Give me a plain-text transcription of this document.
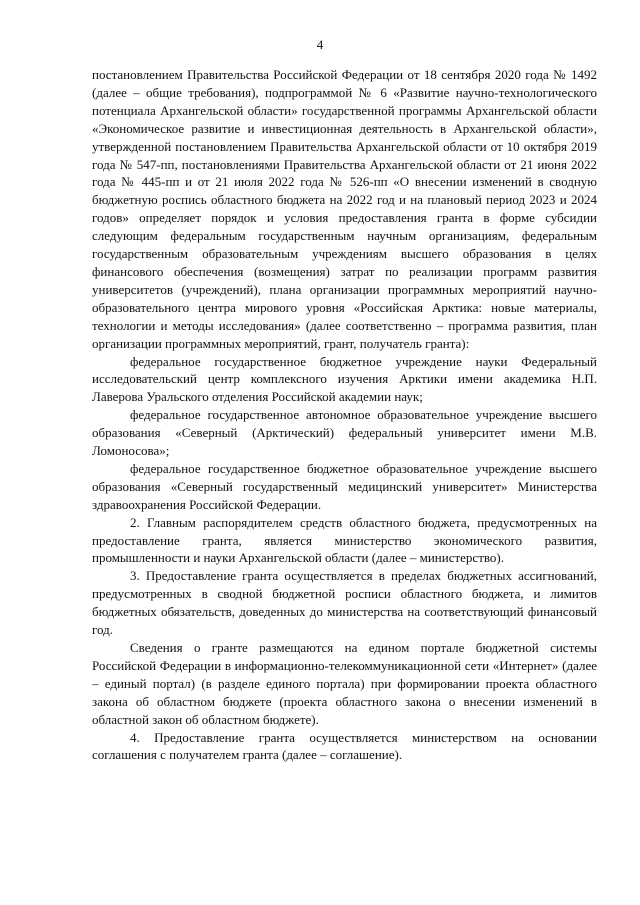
4

постановлением Правительства Российской Федерации от 18 сентября 2020 года № 1492 (далее – общие требования), подпрограммой № 6 «Развитие научно-технологического потенциала Архангельской области» государственной программы Архангельской области «Экономическое развитие и инвестиционная деятельность в Архангельской области», утвержденной постановлением Правительства Архангельской области от 10 октября 2019 года № 547-пп, постановлениями Правительства Архангельской области от 21 июня 2022 года № 445-пп и от 21 июля 2022 года № 526-пп «О внесении изменений в сводную бюджетную роспись областного бюджета на 2022 год и на плановый период 2023 и 2024 годов» определяет порядок и условия предоставления гранта в форме субсидии следующим федеральным государственным научным организациям, федеральным государственным образовательным учреждениям высшего образования в целях финансового обеспечения (возмещения) затрат по реализации программ развития университетов (учреждений), плана организации программных мероприятий научно-образовательного центра мирового уровня «Российская Арктика: новые материалы, технологии и методы исследования» (далее соответственно – программа развития, план организации программных мероприятий, грант, получатель гранта):

федеральное государственное бюджетное учреждение науки Федеральный исследовательский центр комплексного изучения Арктики имени академика Н.П. Лаверова Уральского отделения Российской академии наук;

федеральное государственное автономное образовательное учреждение высшего образования «Северный (Арктический) федеральный университет имени М.В. Ломоносова»;

федеральное государственное бюджетное образовательное учреждение высшего образования «Северный государственный медицинский университет» Министерства здравоохранения Российской Федерации.

2. Главным распорядителем средств областного бюджета, предусмотренных на предоставление гранта, является министерство экономического развития, промышленности и науки Архангельской области (далее – министерство).

3. Предоставление гранта осуществляется в пределах бюджетных ассигнований, предусмотренных в сводной бюджетной росписи областного бюджета, и лимитов бюджетных обязательств, доведенных до министерства на соответствующий финансовый год.

Сведения о гранте размещаются на едином портале бюджетной системы Российской Федерации в информационно-телекоммуникационной сети «Интернет» (далее – единый портал) (в разделе единого портала) при формировании проекта областного закона об областном бюджете (проекта областного закона о внесении изменений в областной закон об областном бюджете).

4. Предоставление гранта осуществляется министерством на основании соглашения с получателем гранта (далее – соглашение).
